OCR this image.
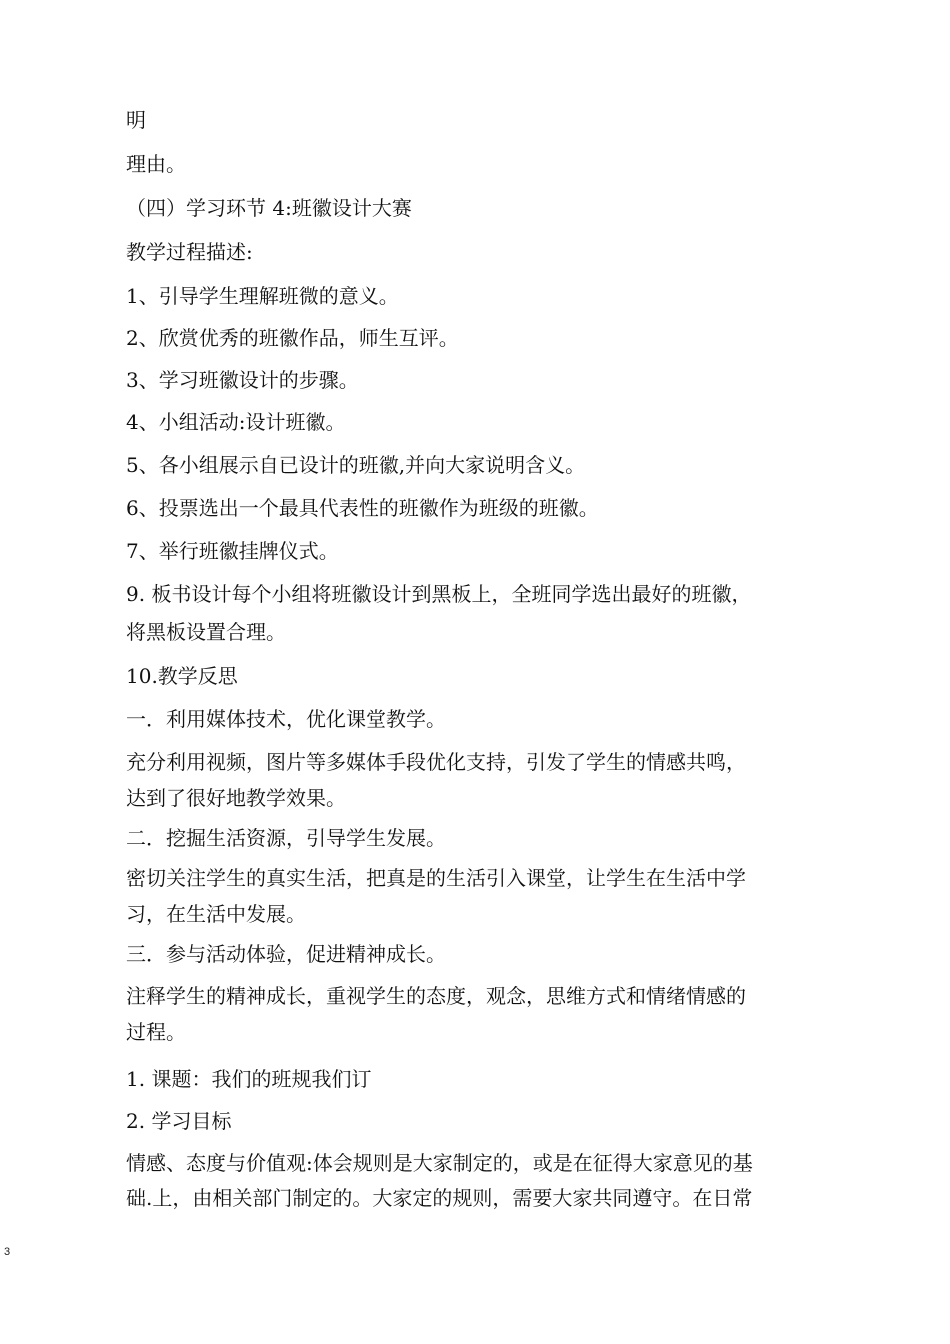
明
理由。
（四）学习环节 4:班徽设计大赛
教学过程描述:
1、引导学生理解班微的意义。
2、欣赏优秀的班徽作品，师生互评。
3、学习班徽设计的步骤。
4、小组活动:设计班徽。
5、各小组展示自已设计的班徽,并向大家说明含义。
6、投票选出一个最具代表性的班徽作为班级的班徽。
7、举行班徽挂牌仪式。
9. 板书设计每个小组将班徽设计到黑板上，全班同学选出最好的班徽，
将黑板设置合理。
10.教学反思
一．利用媒体技术，优化课堂教学。
充分利用视频，图片等多媒体手段优化支持，引发了学生的情感共鸣，
达到了很好地教学效果。
二．挖掘生活资源，引导学生发展。
密切关注学生的真实生活，把真是的生活引入课堂，让学生在生活中学
习，在生活中发展。
三．参与活动体验，促进精神成长。
注释学生的精神成长，重视学生的态度，观念，思维方式和情绪情感的
过程。
1. 课题：我们的班规我们订
2. 学习目标
情感、态度与价值观:体会规则是大家制定的，或是在征得大家意见的基
础.上，由相关部门制定的。大家定的规则，需要大家共同遵守。在日常
3
